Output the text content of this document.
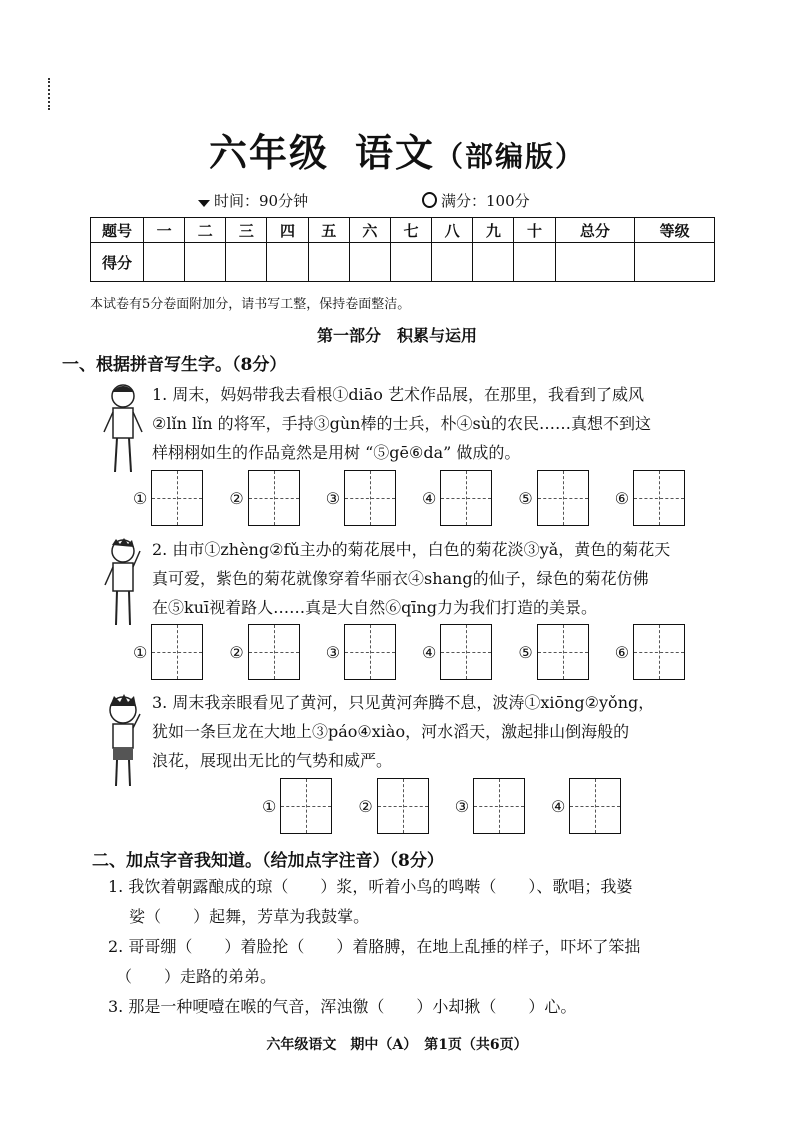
六年级 语文（部编版）
时间：90分钟	满分：100分
题号	一	二	三	四	五	六	七	八	九	十	总分	等级
得分												
本试卷有5分卷面附加分，请书写工整，保持卷面整洁。
第一部分　积累与运用
一、根据拼音写生字。（8分）
1. 周末，妈妈带我去看根①diāo 艺术作品展，在那里，我看到了威风
②lǐn lǐn 的将军，手持③gùn棒的士兵，朴④sù的农民……真想不到这
样栩栩如生的作品竟然是用树 “⑤gē⑥da” 做成的。
①	②	③	④	⑤	⑥
2. 由市①zhèng②fǔ主办的菊花展中，白色的菊花淡③yǎ，黄色的菊花天
真可爱，紫色的菊花就像穿着华丽衣④shang的仙子，绿色的菊花仿佛
在⑤kuī视着路人……真是大自然⑥qīng力为我们打造的美景。
①	②	③	④	⑤	⑥
3. 周末我亲眼看见了黄河，只见黄河奔腾不息，波涛①xiōng②yǒng，
犹如一条巨龙在大地上③páo④xiào，河水滔天，激起排山倒海般的
浪花，展现出无比的气势和威严。
①	②	③	④
二、加点字音我知道。（给加点字注音）（8分）
1. 我饮着朝露酿成的琼（　　）浆，听着小鸟的鸣啭（　　）、歌唱；我婆
　 娑（　　）起舞，芳草为我鼓掌。
2. 哥哥绷（　　）着脸抡（　　）着胳膊，在地上乱捶的样子，吓坏了笨拙
　（　　）走路的弟弟。
3. 那是一种哽噎在喉的气音，浑浊徼（　　）小却揪（　　）心。
六年级语文　期中（A）　第1页（共6页）
